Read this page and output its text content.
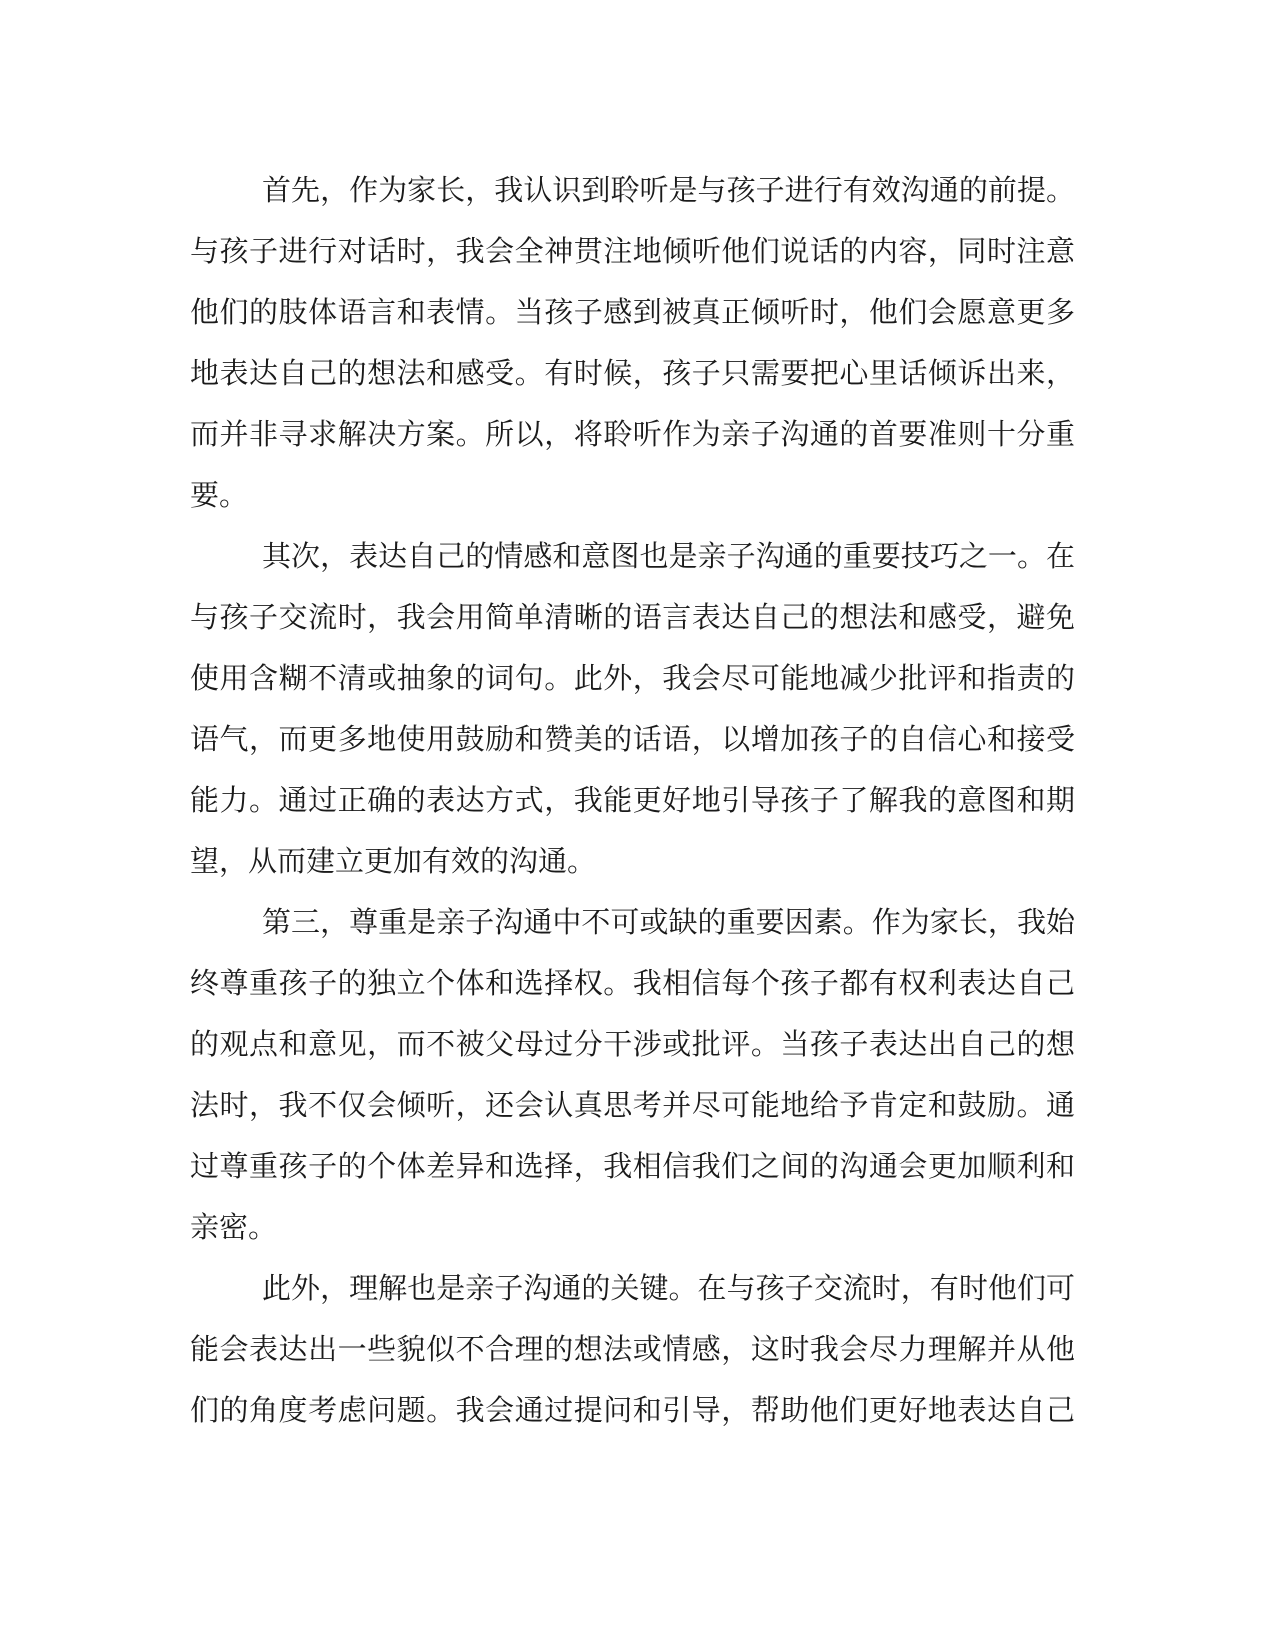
首先，作为家长，我认识到聆听是与孩子进行有效沟通的前提。
与孩子进行对话时，我会全神贯注地倾听他们说话的内容，同时注意
他们的肢体语言和表情。当孩子感到被真正倾听时，他们会愿意更多
地表达自己的想法和感受。有时候，孩子只需要把心里话倾诉出来，
而并非寻求解决方案。所以，将聆听作为亲子沟通的首要准则十分重
要。
其次，表达自己的情感和意图也是亲子沟通的重要技巧之一。在
与孩子交流时，我会用简单清晰的语言表达自己的想法和感受，避免
使用含糊不清或抽象的词句。此外，我会尽可能地减少批评和指责的
语气，而更多地使用鼓励和赞美的话语，以增加孩子的自信心和接受
能力。通过正确的表达方式，我能更好地引导孩子了解我的意图和期
望，从而建立更加有效的沟通。
第三，尊重是亲子沟通中不可或缺的重要因素。作为家长，我始
终尊重孩子的独立个体和选择权。我相信每个孩子都有权利表达自己
的观点和意见，而不被父母过分干涉或批评。当孩子表达出自己的想
法时，我不仅会倾听，还会认真思考并尽可能地给予肯定和鼓励。通
过尊重孩子的个体差异和选择，我相信我们之间的沟通会更加顺利和
亲密。
此外，理解也是亲子沟通的关键。在与孩子交流时，有时他们可
能会表达出一些貌似不合理的想法或情感，这时我会尽力理解并从他
们的角度考虑问题。我会通过提问和引导，帮助他们更好地表达自己
